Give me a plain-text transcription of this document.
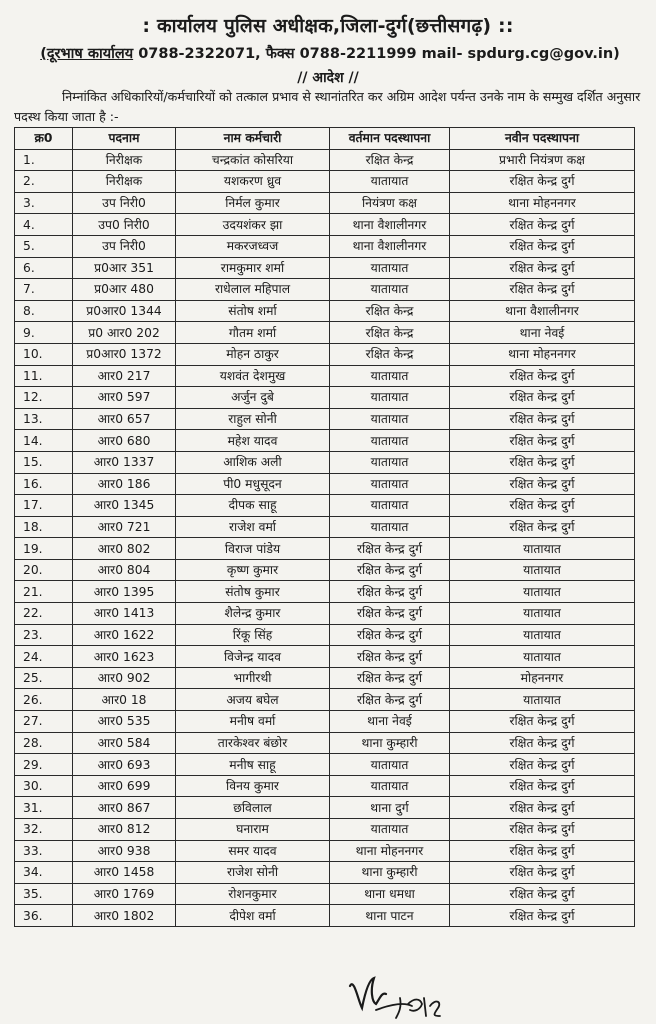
: कार्यालय पुलिस अधीक्षक,जिला-दुर्ग(छत्तीसगढ़) ::
(दूरभाष कार्यालय 0788-2322071, फैक्स 0788-2211999 mail- spdurg.cg@gov.in)
// आदेश //
निम्नांकित अधिकारियों/कर्मचारियों को तत्काल प्रभाव से स्थानांतरित कर अग्रिम आदेश पर्यन्त उनके नाम के सम्मुख दर्शित अनुसार पदस्थ किया जाता है :-
क्र0	पदनाम	नाम कर्मचारी	वर्तमान पदस्थापना	नवीन पदस्थापना
1.	निरीक्षक	चन्द्रकांत कोसरिया	रक्षित केन्द्र	प्रभारी नियंत्रण कक्ष
2.	निरीक्षक	यशकरण ध्रुव	यातायात	रक्षित केन्द्र दुर्ग
3.	उप निरी0	निर्मल कुमार	नियंत्रण कक्ष	थाना मोहननगर
4.	उप0 निरी0	उदयशंकर झा	थाना वैशालीनगर	रक्षित केन्द्र दुर्ग
5.	उप निरी0	मकरजध्वज	थाना वैशालीनगर	रक्षित केन्द्र दुर्ग
6.	प्र0आर 351	रामकुमार शर्मा	यातायात	रक्षित केन्द्र दुर्ग
7.	प्र0आर 480	राधेलाल महिपाल	यातायात	रक्षित केन्द्र दुर्ग
8.	प्र0आर0 1344	संतोष शर्मा	रक्षित केन्द्र	थाना वैशालीनगर
9.	प्र0 आर0 202	गौतम शर्मा	रक्षित केन्द्र	थाना नेवई
10.	प्र0आर0 1372	मोहन ठाकुर	रक्षित केन्द्र	थाना मोहननगर
11.	आर0 217	यशवंत देशमुख	यातायात	रक्षित केन्द्र दुर्ग
12.	आर0 597	अर्जुन दुबे	यातायात	रक्षित केन्द्र दुर्ग
13.	आर0 657	राहुल सोनी	यातायात	रक्षित केन्द्र दुर्ग
14.	आर0 680	महेश यादव	यातायात	रक्षित केन्द्र दुर्ग
15.	आर0 1337	आशिक अली	यातायात	रक्षित केन्द्र दुर्ग
16.	आर0 186	पी0 मधुसूदन	यातायात	रक्षित केन्द्र दुर्ग
17.	आर0 1345	दीपक साहू	यातायात	रक्षित केन्द्र दुर्ग
18.	आर0 721	राजेश वर्मा	यातायात	रक्षित केन्द्र दुर्ग
19.	आर0 802	विराज पांडेय	रक्षित केन्द्र दुर्ग	यातायात
20.	आर0 804	कृष्ण कुमार	रक्षित केन्द्र दुर्ग	यातायात
21.	आर0 1395	संतोष कुमार	रक्षित केन्द्र दुर्ग	यातायात
22.	आर0 1413	शैलेन्द्र कुमार	रक्षित केन्द्र दुर्ग	यातायात
23.	आर0 1622	रिंकू सिंह	रक्षित केन्द्र दुर्ग	यातायात
24.	आर0 1623	विजेन्द्र यादव	रक्षित केन्द्र दुर्ग	यातायात
25.	आर0 902	भागीरथी	रक्षित केन्द्र दुर्ग	मोहननगर
26.	आर0 18	अजय बघेल	रक्षित केन्द्र दुर्ग	यातायात
27.	आर0 535	मनीष वर्मा	थाना नेवई	रक्षित केन्द्र दुर्ग
28.	आर0 584	तारकेश्वर बंछोर	थाना कुम्हारी	रक्षित केन्द्र दुर्ग
29.	आर0 693	मनीष साहू	यातायात	रक्षित केन्द्र दुर्ग
30.	आर0 699	विनय कुमार	यातायात	रक्षित केन्द्र दुर्ग
31.	आर0 867	छविलाल	थाना दुर्ग	रक्षित केन्द्र दुर्ग
32.	आर0 812	घनाराम	यातायात	रक्षित केन्द्र दुर्ग
33.	आर0 938	समर यादव	थाना मोहननगर	रक्षित केन्द्र दुर्ग
34.	आर0 1458	राजेश सोनी	थाना कुम्हारी	रक्षित केन्द्र दुर्ग
35.	आर0 1769	रोशनकुमार	थाना धमधा	रक्षित केन्द्र दुर्ग
36.	आर0 1802	दीपेश वर्मा	थाना पाटन	रक्षित केन्द्र दुर्ग
